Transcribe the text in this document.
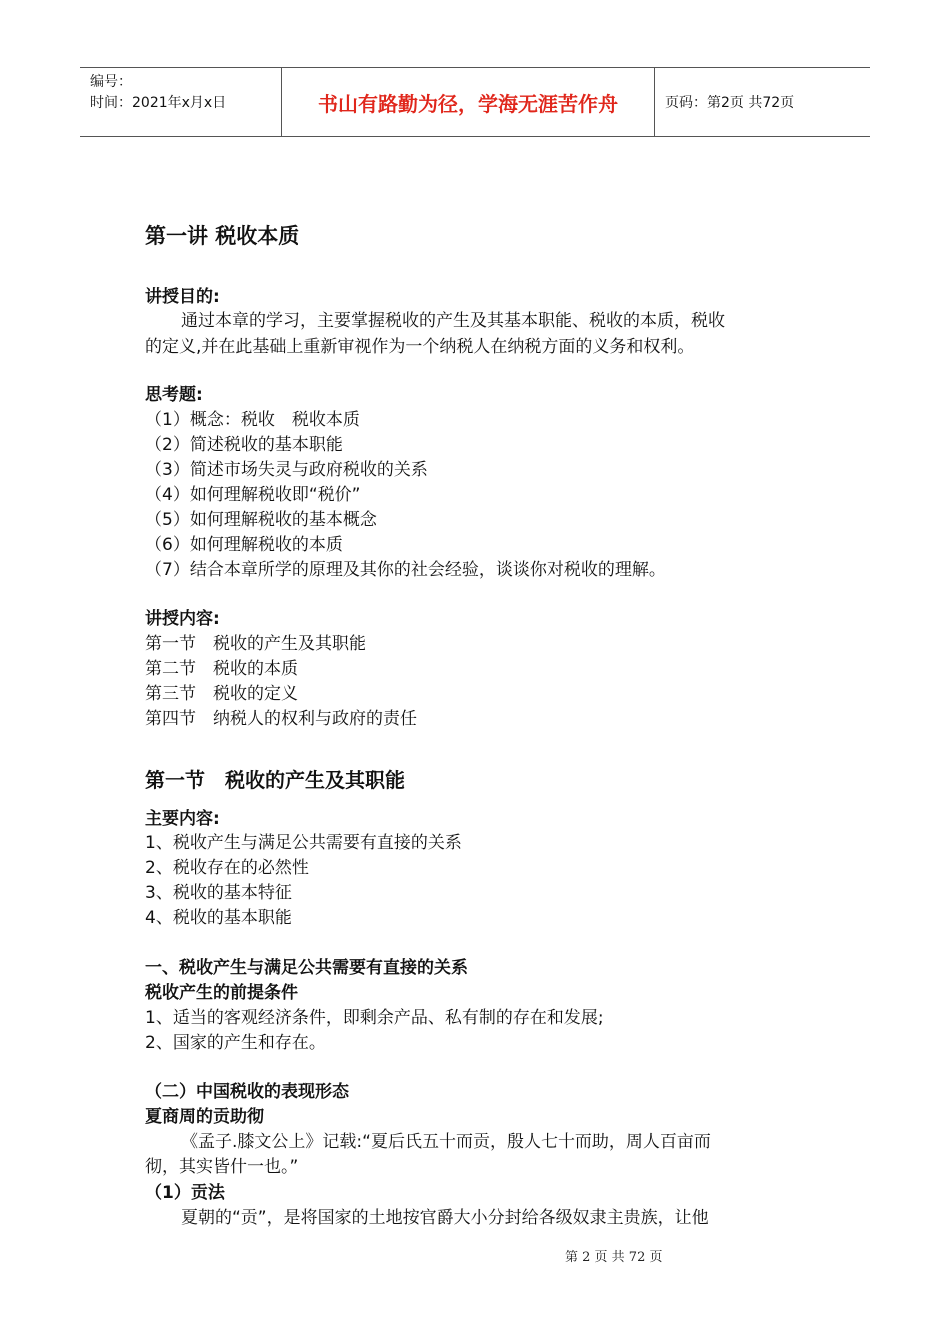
编号：
时间：2021年x月x日	书山有路勤为径，学海无涯苦作舟	页码：第2页 共72页
第一讲 税收本质
讲授目的:
通过本章的学习，主要掌握税收的产生及其基本职能、税收的本质，税收
的定义,并在此基础上重新审视作为一个纳税人在纳税方面的义务和权利。
思考题:
（1）概念：税收　税收本质
（2）简述税收的基本职能
（3）简述市场失灵与政府税收的关系
（4）如何理解税收即“税价”
（5）如何理解税收的基本概念
（6）如何理解税收的本质
（7）结合本章所学的原理及其你的社会经验，谈谈你对税收的理解。
讲授内容:
第一节　税收的产生及其职能
第二节　税收的本质
第三节　税收的定义
第四节　纳税人的权利与政府的责任
第一节　税收的产生及其职能
主要内容:
1、税收产生与满足公共需要有直接的关系
2、税收存在的必然性
3、税收的基本特征
4、税收的基本职能
一、税收产生与满足公共需要有直接的关系
税收产生的前提条件
1、适当的客观经济条件，即剩余产品、私有制的存在和发展;
2、国家的产生和存在。
（二）中国税收的表现形态
夏商周的贡助彻
《孟子.膝文公上》记载:“夏后氏五十而贡，殷人七十而助，周人百亩而
彻，其实皆什一也。”
（1）贡法
夏朝的“贡”，是将国家的土地按官爵大小分封给各级奴隶主贵族，让他
第 2 页 共 72 页
